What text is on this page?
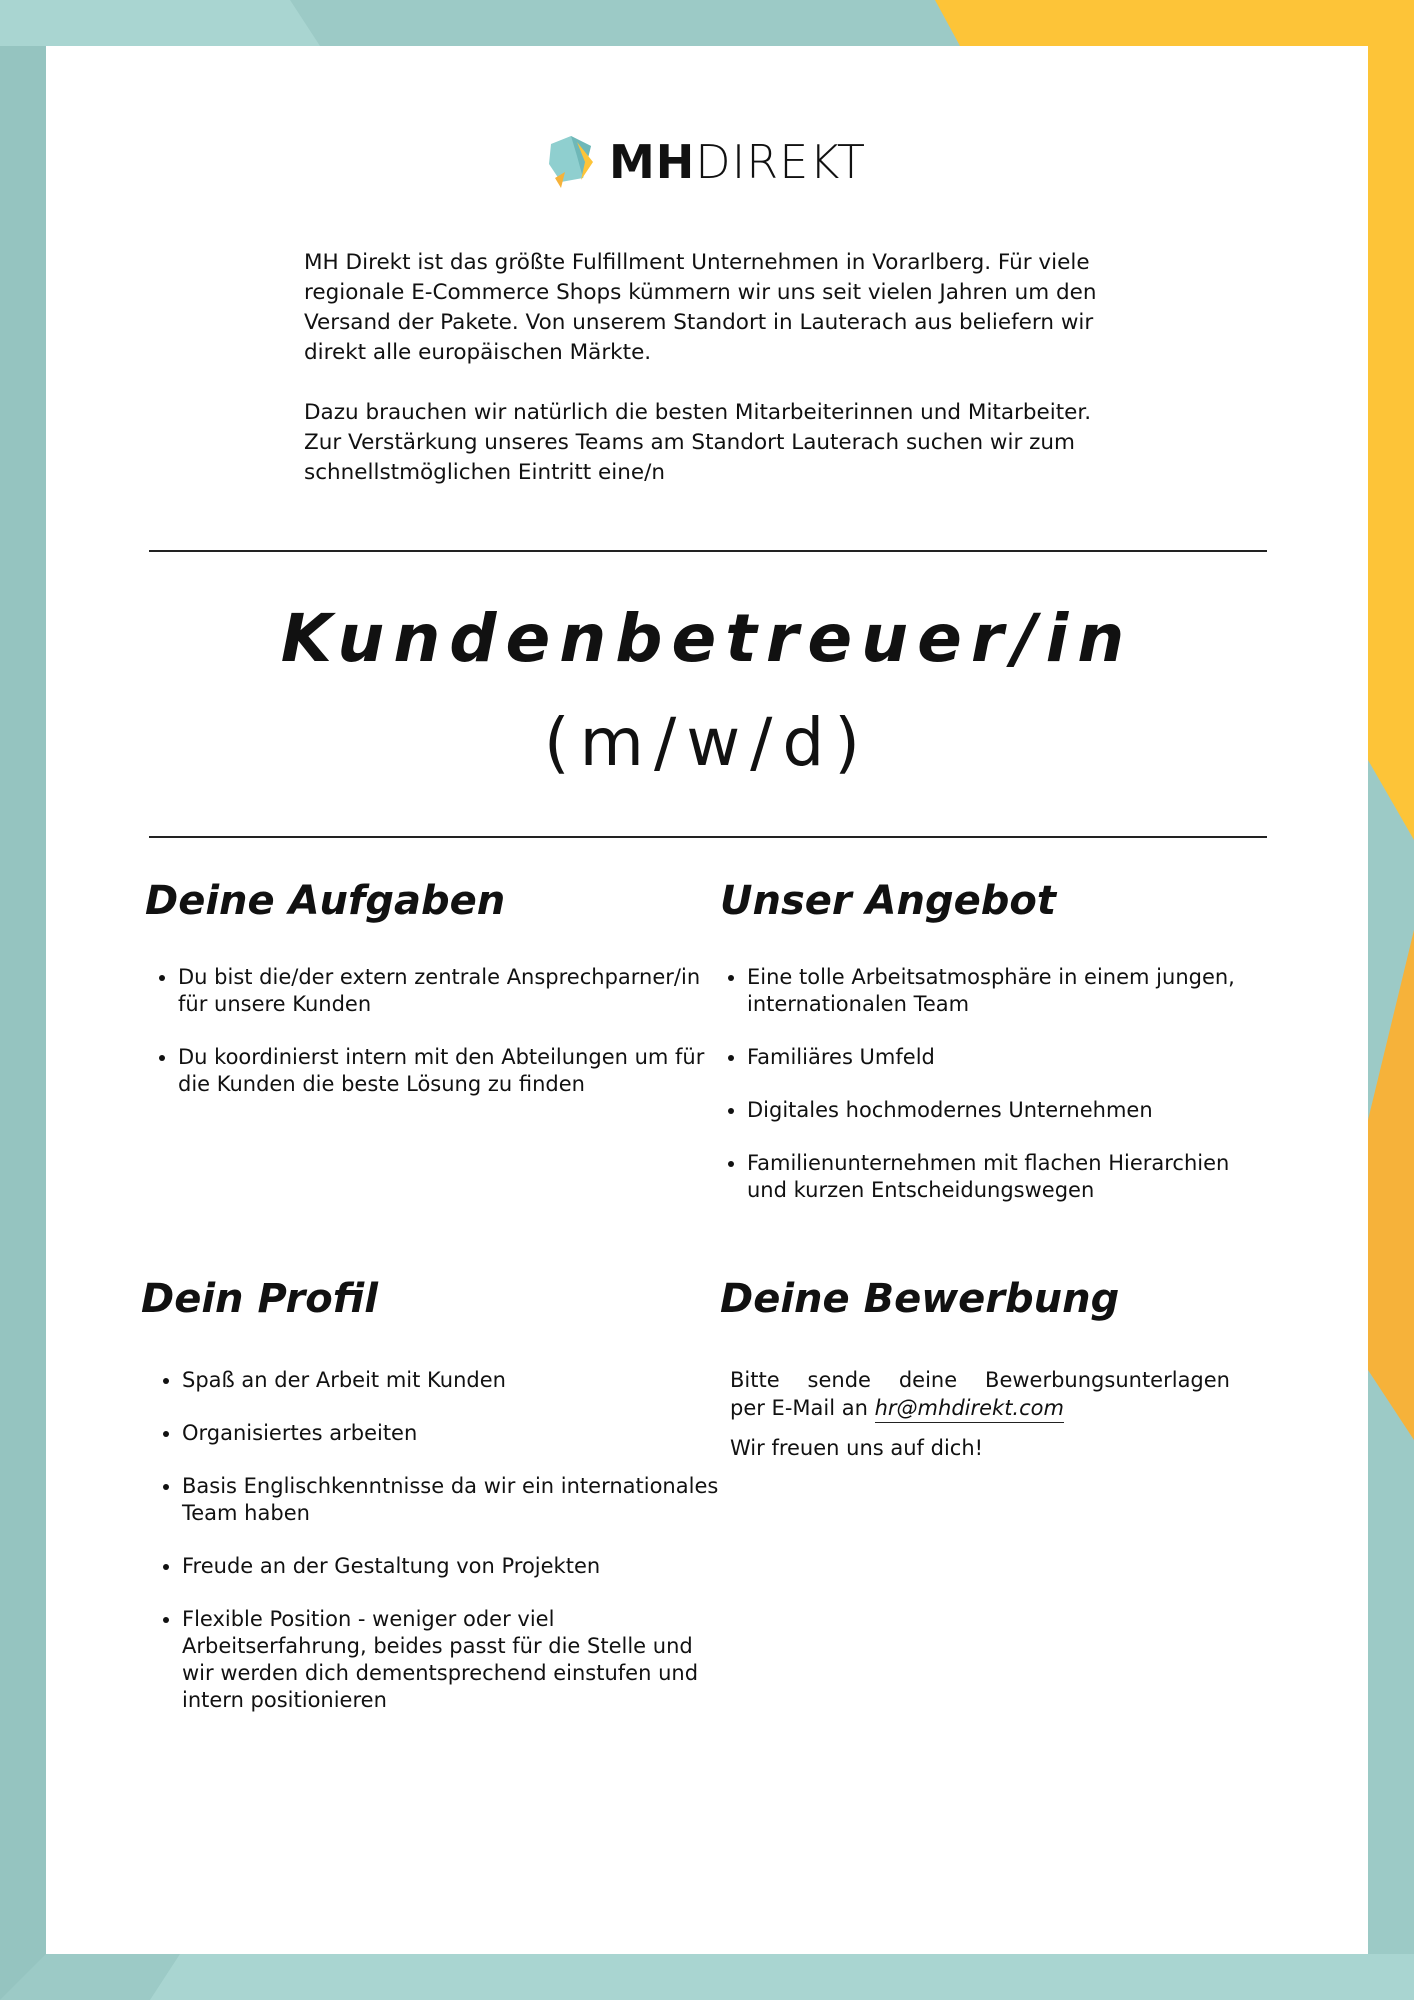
MHDIREKT

MH Direkt ist das größte Fulfillment Unternehmen in Vorarlberg. Für viele regionale E-Commerce Shops kümmern wir uns seit vielen Jahren um den Versand der Pakete. Von unserem Standort in Lauterach aus beliefern wir direkt alle europäischen Märkte.

Dazu brauchen wir natürlich die besten Mitarbeiterinnen und Mitarbeiter. Zur Verstärkung unseres Teams am Standort Lauterach suchen wir zum schnellstmöglichen Eintritt eine/n

Kundenbetreuer/in
(m/w/d)
Deine Aufgaben
• Du bist die/der extern zentrale Ansprechparner/in für unsere Kunden
• Du koordinierst intern mit den Abteilungen um für die Kunden die beste Lösung zu finden
Unser Angebot
• Eine tolle Arbeitsatmosphäre in einem jungen, internationalen Team
• Familiäres Umfeld
• Digitales hochmodernes Unternehmen
• Familienunternehmen mit flachen Hierarchien und kurzen Entscheidungswegen
Dein Profil
• Spaß an der Arbeit mit Kunden
• Organisiertes arbeiten
• Basis Englischkenntnisse da wir ein internationales Team haben
• Freude an der Gestaltung von Projekten
• Flexible Position - weniger oder viel Arbeitserfahrung, beides passt für die Stelle und wir werden dich dementsprechend einstufen und intern positionieren
Deine Bewerbung
Bitte sende deine Bewerbungsunterlagen
per E-Mail an hr@mhdirekt.com
Wir freuen uns auf dich!
